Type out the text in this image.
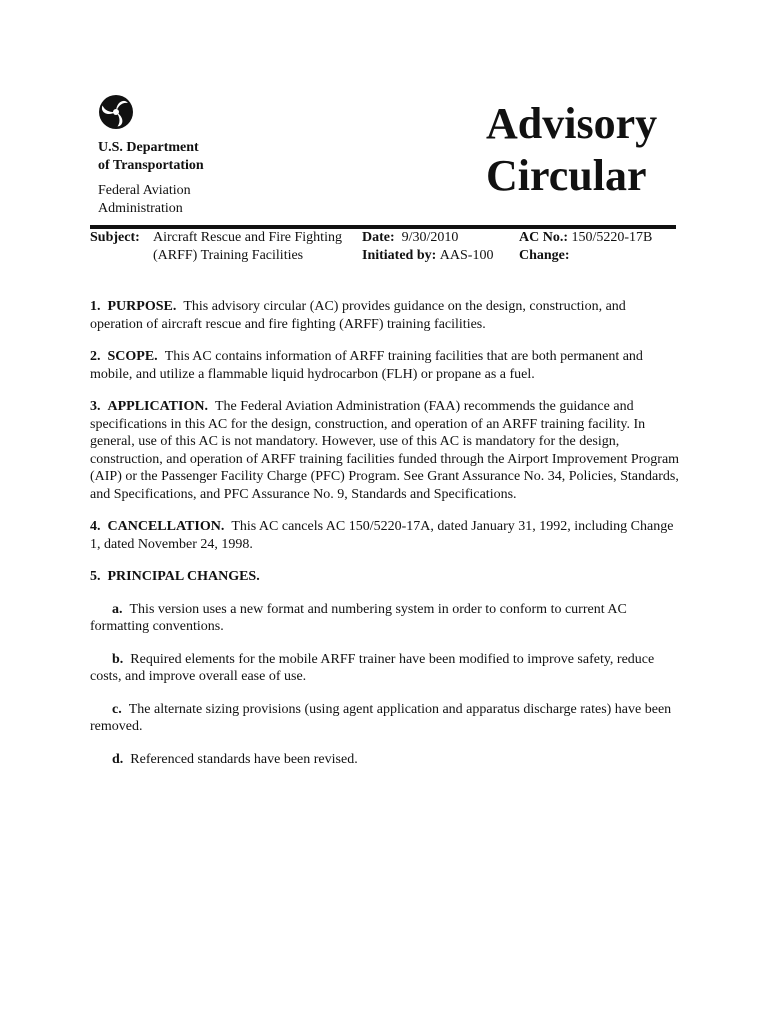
U.S. Department
of Transportation
Federal Aviation
Administration
Advisory
Circular
Subject: Aircraft Rescue and Fire Fighting (ARFF) Training Facilities
Date: 9/30/2010
Initiated by: AAS-100
AC No.: 150/5220-17B
Change:

1. PURPOSE. This advisory circular (AC) provides guidance on the design, construction, and operation of aircraft rescue and fire fighting (ARFF) training facilities.

2. SCOPE. This AC contains information of ARFF training facilities that are both permanent and mobile, and utilize a flammable liquid hydrocarbon (FLH) or propane as a fuel.

3. APPLICATION. The Federal Aviation Administration (FAA) recommends the guidance and specifications in this AC for the design, construction, and operation of an ARFF training facility. In general, use of this AC is not mandatory. However, use of this AC is mandatory for the design, construction, and operation of ARFF training facilities funded through the Airport Improvement Program (AIP) or the Passenger Facility Charge (PFC) Program. See Grant Assurance No. 34, Policies, Standards, and Specifications, and PFC Assurance No. 9, Standards and Specifications.

4. CANCELLATION. This AC cancels AC 150/5220-17A, dated January 31, 1992, including Change 1, dated November 24, 1998.

5. PRINCIPAL CHANGES.

a. This version uses a new format and numbering system in order to conform to current AC formatting conventions.

b. Required elements for the mobile ARFF trainer have been modified to improve safety, reduce costs, and improve overall ease of use.

c. The alternate sizing provisions (using agent application and apparatus discharge rates) have been removed.

d. Referenced standards have been revised.
